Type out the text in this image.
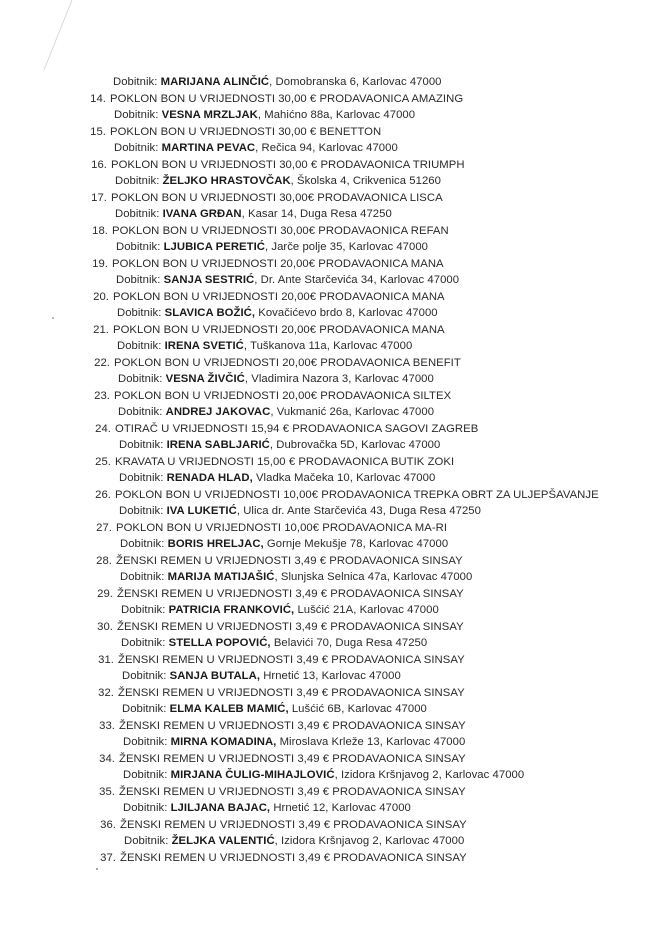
Dobitnik: MARIJANA ALINČIĆ, Domobranska 6, Karlovac 47000
14. POKLON BON U VRIJEDNOSTI 30,00 € PRODAVAONICA AMAZING
Dobitnik: VESNA MRZLJAK, Mahićno 88a, Karlovac 47000
15. POKLON BON U VRIJEDNOSTI 30,00 € BENETTON
Dobitnik: MARTINA PEVAC, Rečica 94, Karlovac 47000
16. POKLON BON U VRIJEDNOSTI 30,00 € PRODAVAONICA TRIUMPH
Dobitnik: ŽELJKO HRASTOVČAK, Školska 4, Crikvenica 51260
17. POKLON BON U VRIJEDNOSTI 30,00€ PRODAVAONICA LISCA
Dobitnik: IVANA GRĐAN, Kasar 14, Duga Resa 47250
18. POKLON BON U VRIJEDNOSTI 30,00€ PRODAVAONICA REFAN
Dobitnik: LJUBICA PERETIĆ, Jarče polje 35, Karlovac 47000
19. POKLON BON U VRIJEDNOSTI 20,00€ PRODAVAONICA MANA
Dobitnik: SANJA SESTRIĆ, Dr. Ante Starčevića 34, Karlovac 47000
20. POKLON BON U VRIJEDNOSTI 20,00€ PRODAVAONICA MANA
Dobitnik: SLAVICA BOŽIĆ, Kovačićevo brdo 8, Karlovac 47000
21. POKLON BON U VRIJEDNOSTI 20,00€ PRODAVAONICA MANA
Dobitnik: IRENA SVETIĆ, Tuškanova 11a, Karlovac 47000
22. POKLON BON U VRIJEDNOSTI 20,00€ PRODAVAONICA BENEFIT
Dobitnik: VESNA ŽIVČIĆ, Vladimira Nazora 3, Karlovac 47000
23. POKLON BON U VRIJEDNOSTI 20,00€ PRODAVAONICA SILTEX
Dobitnik: ANDREJ JAKOVAC, Vukmanić 26a, Karlovac 47000
24. OTIRAČ U VRIJEDNOSTI 15,94 € PRODAVAONICA SAGOVI ZAGREB
Dobitnik: IRENA SABLJARIĆ, Dubrovačka 5D, Karlovac 47000
25. KRAVATA U VRIJEDNOSTI 15,00 € PRODAVAONICA BUTIK ZOKI
Dobitnik: RENADA HLAD, Vladka Mačeka 10, Karlovac 47000
26. POKLON BON U VRIJEDNOSTI 10,00€ PRODAVAONICA TREPKA OBRT ZA ULJEPŠAVANJE
Dobitnik: IVA LUKETIĆ, Ulica dr. Ante Starčevića 43, Duga Resa 47250
27. POKLON BON U VRIJEDNOSTI 10,00€ PRODAVAONICA MA-RI
Dobitnik: BORIS HRELJAC, Gornje Mekušje 78, Karlovac 47000
28. ŽENSKI REMEN U VRIJEDNOSTI 3,49 € PRODAVAONICA SINSAY
Dobitnik: MARIJA MATIJAŠIĆ, Slunjska Selnica 47a, Karlovac 47000
29. ŽENSKI REMEN U VRIJEDNOSTI 3,49 € PRODAVAONICA SINSAY
Dobitnik: PATRICIA FRANKOVIĆ, Lušćić 21A, Karlovac 47000
30. ŽENSKI REMEN U VRIJEDNOSTI 3,49 € PRODAVAONICA SINSAY
Dobitnik: STELLA POPOVIĆ, Belavići 70, Duga Resa 47250
31. ŽENSKI REMEN U VRIJEDNOSTI 3,49 € PRODAVAONICA SINSAY
Dobitnik: SANJA BUTALA, Hrnetić 13, Karlovac 47000
32. ŽENSKI REMEN U VRIJEDNOSTI 3,49 € PRODAVAONICA SINSAY
Dobitnik: ELMA KALEB MAMIĆ, Lušćić 6B, Karlovac 47000
33. ŽENSKI REMEN U VRIJEDNOSTI 3,49 € PRODAVAONICA SINSAY
Dobitnik: MIRNA KOMADINA, Miroslava Krleže 13, Karlovac 47000
34. ŽENSKI REMEN U VRIJEDNOSTI 3,49 € PRODAVAONICA SINSAY
Dobitnik: MIRJANA ČULIG-MIHAJLOVIĆ, Izidora Kršnjavog 2, Karlovac 47000
35. ŽENSKI REMEN U VRIJEDNOSTI 3,49 € PRODAVAONICA SINSAY
Dobitnik: LJILJANA BAJAC, Hrnetić 12, Karlovac 47000
36. ŽENSKI REMEN U VRIJEDNOSTI 3,49 € PRODAVAONICA SINSAY
Dobitnik: ŽELJKA VALENTIĆ, Izidora Kršnjavog 2, Karlovac 47000
37. ŽENSKI REMEN U VRIJEDNOSTI 3,49 € PRODAVAONICA SINSAY
